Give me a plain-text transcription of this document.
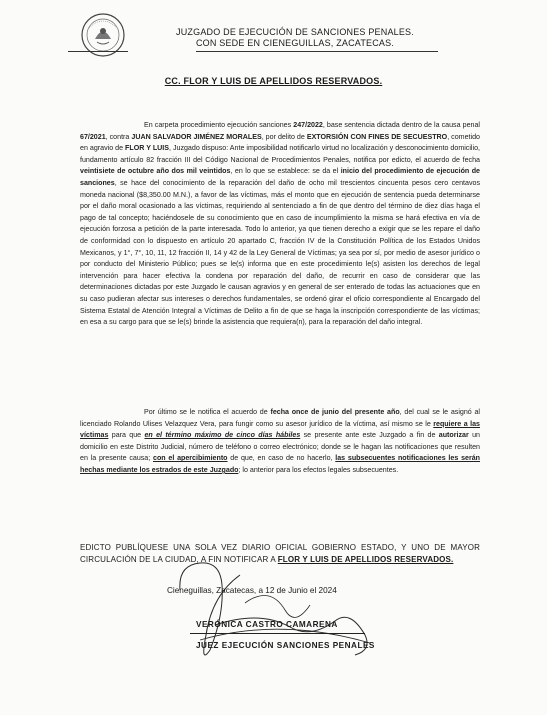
JUZGADO DE EJECUCIÓN DE SANCIONES PENALES.
CON SEDE EN CIENEGUILLAS, ZACATECAS.
CC. FLOR Y LUIS DE APELLIDOS RESERVADOS.

En carpeta procedimiento ejecución sanciones 247/2022, base sentencia dictada dentro de la causa penal 67/2021, contra JUAN SALVADOR JIMÉNEZ MORALES, por delito de EXTORSIÓN CON FINES DE SECUESTRO, cometido en agravio de FLOR Y LUIS, Juzgado dispuso: Ante imposibilidad notificarlo virtud no localización y desconocimiento domicilio, fundamento artículo 82 fracción III del Código Nacional de Procedimientos Penales, notifica por edicto, el acuerdo de fecha veintisiete de octubre año dos mil veintidos, en lo que se establece: se da el inicio del procedimiento de ejecución de sanciones, se hace del conocimiento de la reparación del daño de ocho mil trescientos cincuenta pesos cero centavos moneda nacional ($8,350.00 M.N.), a favor de las víctimas, más el monto que en ejecución de sentencia pueda determinarse por el daño moral ocasionado a las víctimas, requiriendo al sentenciado a fin de que dentro del término de diez días haga el pago de tal concepto; haciéndosele de su conocimiento que en caso de incumplimiento la misma se hará efectiva en vía de ejecución forzosa a petición de la parte interesada. Todo lo anterior, ya que tienen derecho a exigir que se les repare el daño de conformidad con lo dispuesto en artículo 20 apartado C, fracción IV de la Constitución Política de los Estados Unidos Mexicanos, y 1°, 7°, 10, 11, 12 fracción II, 14 y 42 de la Ley General de Víctimas; ya sea por sí, por medio de asesor jurídico o por conducto del Ministerio Público; pues se le(s) informa que en este procedimiento le(s) asisten los derechos de legal intervención para hacer efectiva la condena por reparación del daño, de recurrir en caso de considerar que las determinaciones dictadas por este Juzgado le causan agravios y en general de ser enterado de todas las actuaciones que en su caso pudieran afectar sus intereses o derechos fundamentales, se ordenó girar el oficio correspondiente al Encargado del Sistema Estatal de Atención Integral a Víctimas de Delito a fin de que se haga la inscripción correspondiente de las víctimas; en esa a su cargo para que se le(s) brinde la asistencia que requiera(n), para la reparación del daño integral.

Por último se le notifica el acuerdo de fecha once de junio del presente año, del cual se le asignó al licenciado Rolando Ulises Velazquez Vera, para fungir como su asesor jurídico de la víctima, así mismo se le requiere a las víctimas para que en el término máximo de cinco días hábiles se presente ante este Juzgado a fin de autorizar un domicilio en este Distrito Judicial, número de teléfono o correo electrónico; donde se le hagan las notificaciones que resulten en la presente causa; con el apercibimiento de que, en caso de no hacerlo, las subsecuentes notificaciones les serán hechas mediante los estrados de este Juzgado; lo anterior para los efectos legales subsecuentes.

EDICTO PUBLÍQUESE UNA SOLA VEZ DIARIO OFICIAL GOBIERNO ESTADO, Y UNO DE MAYOR CIRCULACIÓN DE LA CIUDAD, A FIN NOTIFICAR A FLOR Y LUIS DE APELLIDOS RESERVADOS.
Cieneguillas, Zacatecas, a 12 de Junio el 2024
VERÓNICA CASTRO CAMARENA
JUEZ EJECUCIÓN SANCIONES PENALES
